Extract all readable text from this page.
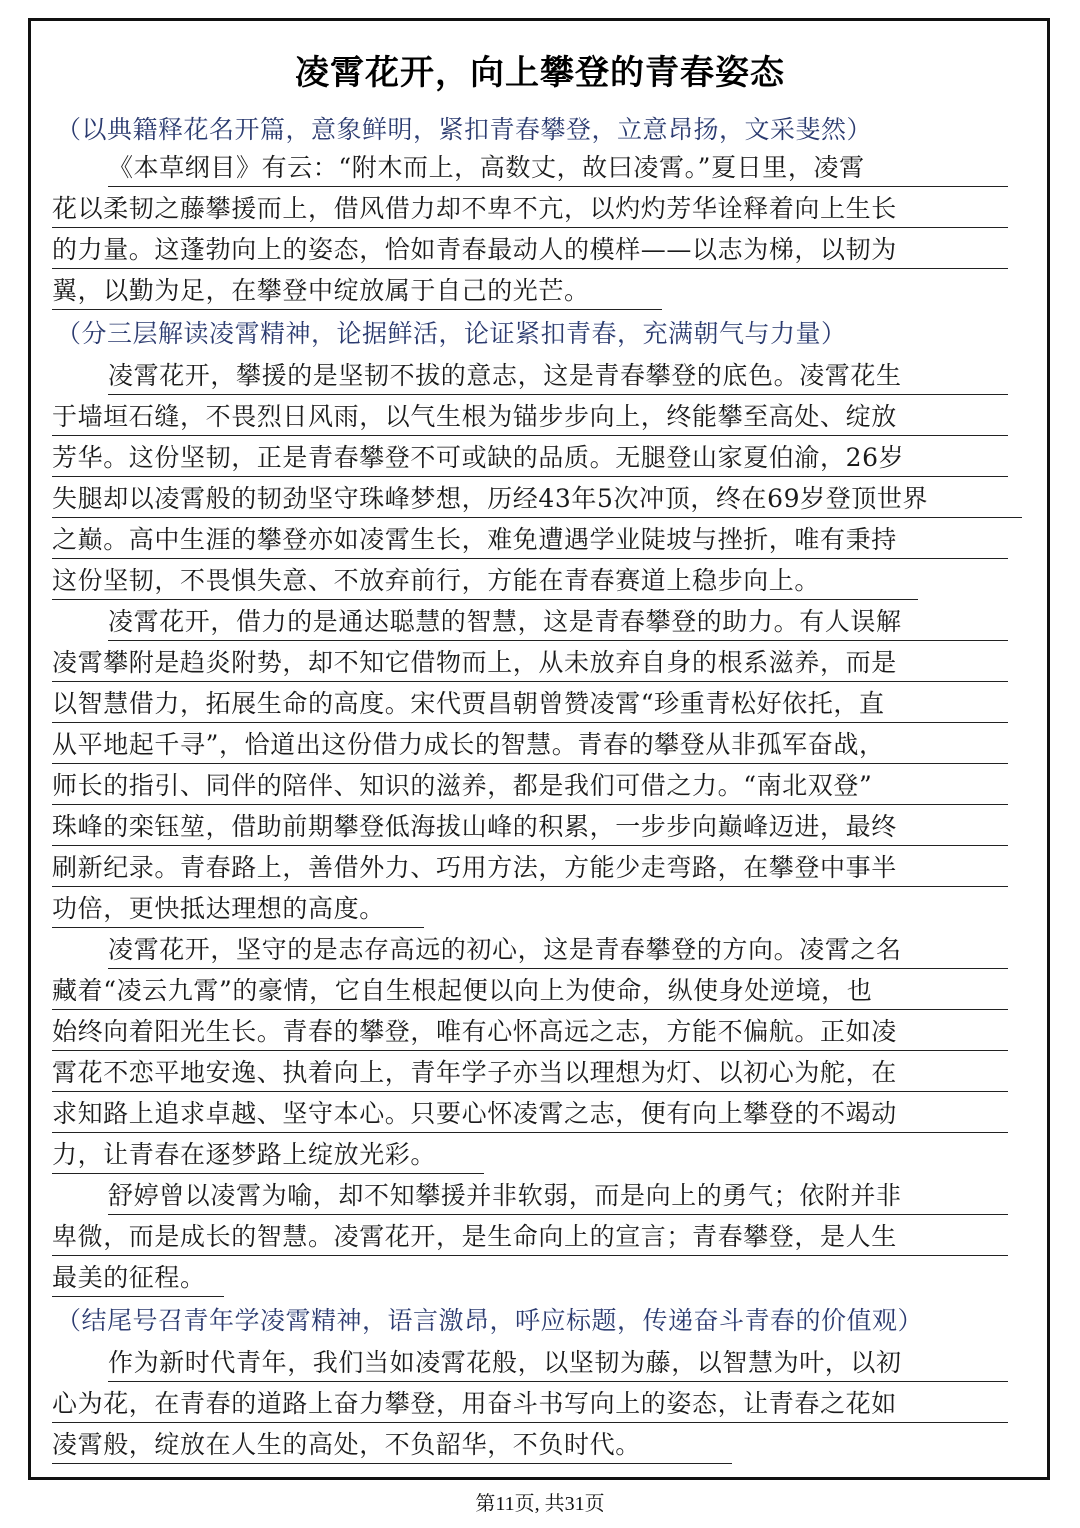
凌霄花开，向上攀登的青春姿态
（以典籍释花名开篇，意象鲜明，紧扣青春攀登，立意昂扬，文采斐然）
《本草纲目》有云：“附木而上，高数丈，故曰凌霄。”夏日里，凌霄
花以柔韧之藤攀援而上，借风借力却不卑不亢，以灼灼芳华诠释着向上生长
的力量。这蓬勃向上的姿态，恰如青春最动人的模样——以志为梯，以韧为
翼，以勤为足，在攀登中绽放属于自己的光芒。
（分三层解读凌霄精神，论据鲜活，论证紧扣青春，充满朝气与力量）
凌霄花开，攀援的是坚韧不拔的意志，这是青春攀登的底色。凌霄花生
于墙垣石缝，不畏烈日风雨，以气生根为锚步步向上，终能攀至高处、绽放
芳华。这份坚韧，正是青春攀登不可或缺的品质。无腿登山家夏伯渝，26岁
失腿却以凌霄般的韧劲坚守珠峰梦想，历经43年5次冲顶，终在69岁登顶世界
之巅。高中生涯的攀登亦如凌霄生长，难免遭遇学业陡坡与挫折，唯有秉持
这份坚韧，不畏惧失意、不放弃前行，方能在青春赛道上稳步向上。
凌霄花开，借力的是通达聪慧的智慧，这是青春攀登的助力。有人误解
凌霄攀附是趋炎附势，却不知它借物而上，从未放弃自身的根系滋养，而是
以智慧借力，拓展生命的高度。宋代贾昌朝曾赞凌霄“珍重青松好依托，直
从平地起千寻”，恰道出这份借力成长的智慧。青春的攀登从非孤军奋战，
师长的指引、同伴的陪伴、知识的滋养，都是我们可借之力。“南北双登”
珠峰的栾钰堃，借助前期攀登低海拔山峰的积累，一步步向巅峰迈进，最终
刷新纪录。青春路上，善借外力、巧用方法，方能少走弯路，在攀登中事半
功倍，更快抵达理想的高度。
凌霄花开，坚守的是志存高远的初心，这是青春攀登的方向。凌霄之名
藏着“凌云九霄”的豪情，它自生根起便以向上为使命，纵使身处逆境，也
始终向着阳光生长。青春的攀登，唯有心怀高远之志，方能不偏航。正如凌
霄花不恋平地安逸、执着向上，青年学子亦当以理想为灯、以初心为舵，在
求知路上追求卓越、坚守本心。只要心怀凌霄之志，便有向上攀登的不竭动
力，让青春在逐梦路上绽放光彩。
舒婷曾以凌霄为喻，却不知攀援并非软弱，而是向上的勇气；依附并非
卑微，而是成长的智慧。凌霄花开，是生命向上的宣言；青春攀登，是人生
最美的征程。
（结尾号召青年学凌霄精神，语言激昂，呼应标题，传递奋斗青春的价值观）
作为新时代青年，我们当如凌霄花般，以坚韧为藤，以智慧为叶，以初
心为花，在青春的道路上奋力攀登，用奋斗书写向上的姿态，让青春之花如
凌霄般，绽放在人生的高处，不负韶华，不负时代。
第11页, 共31页
